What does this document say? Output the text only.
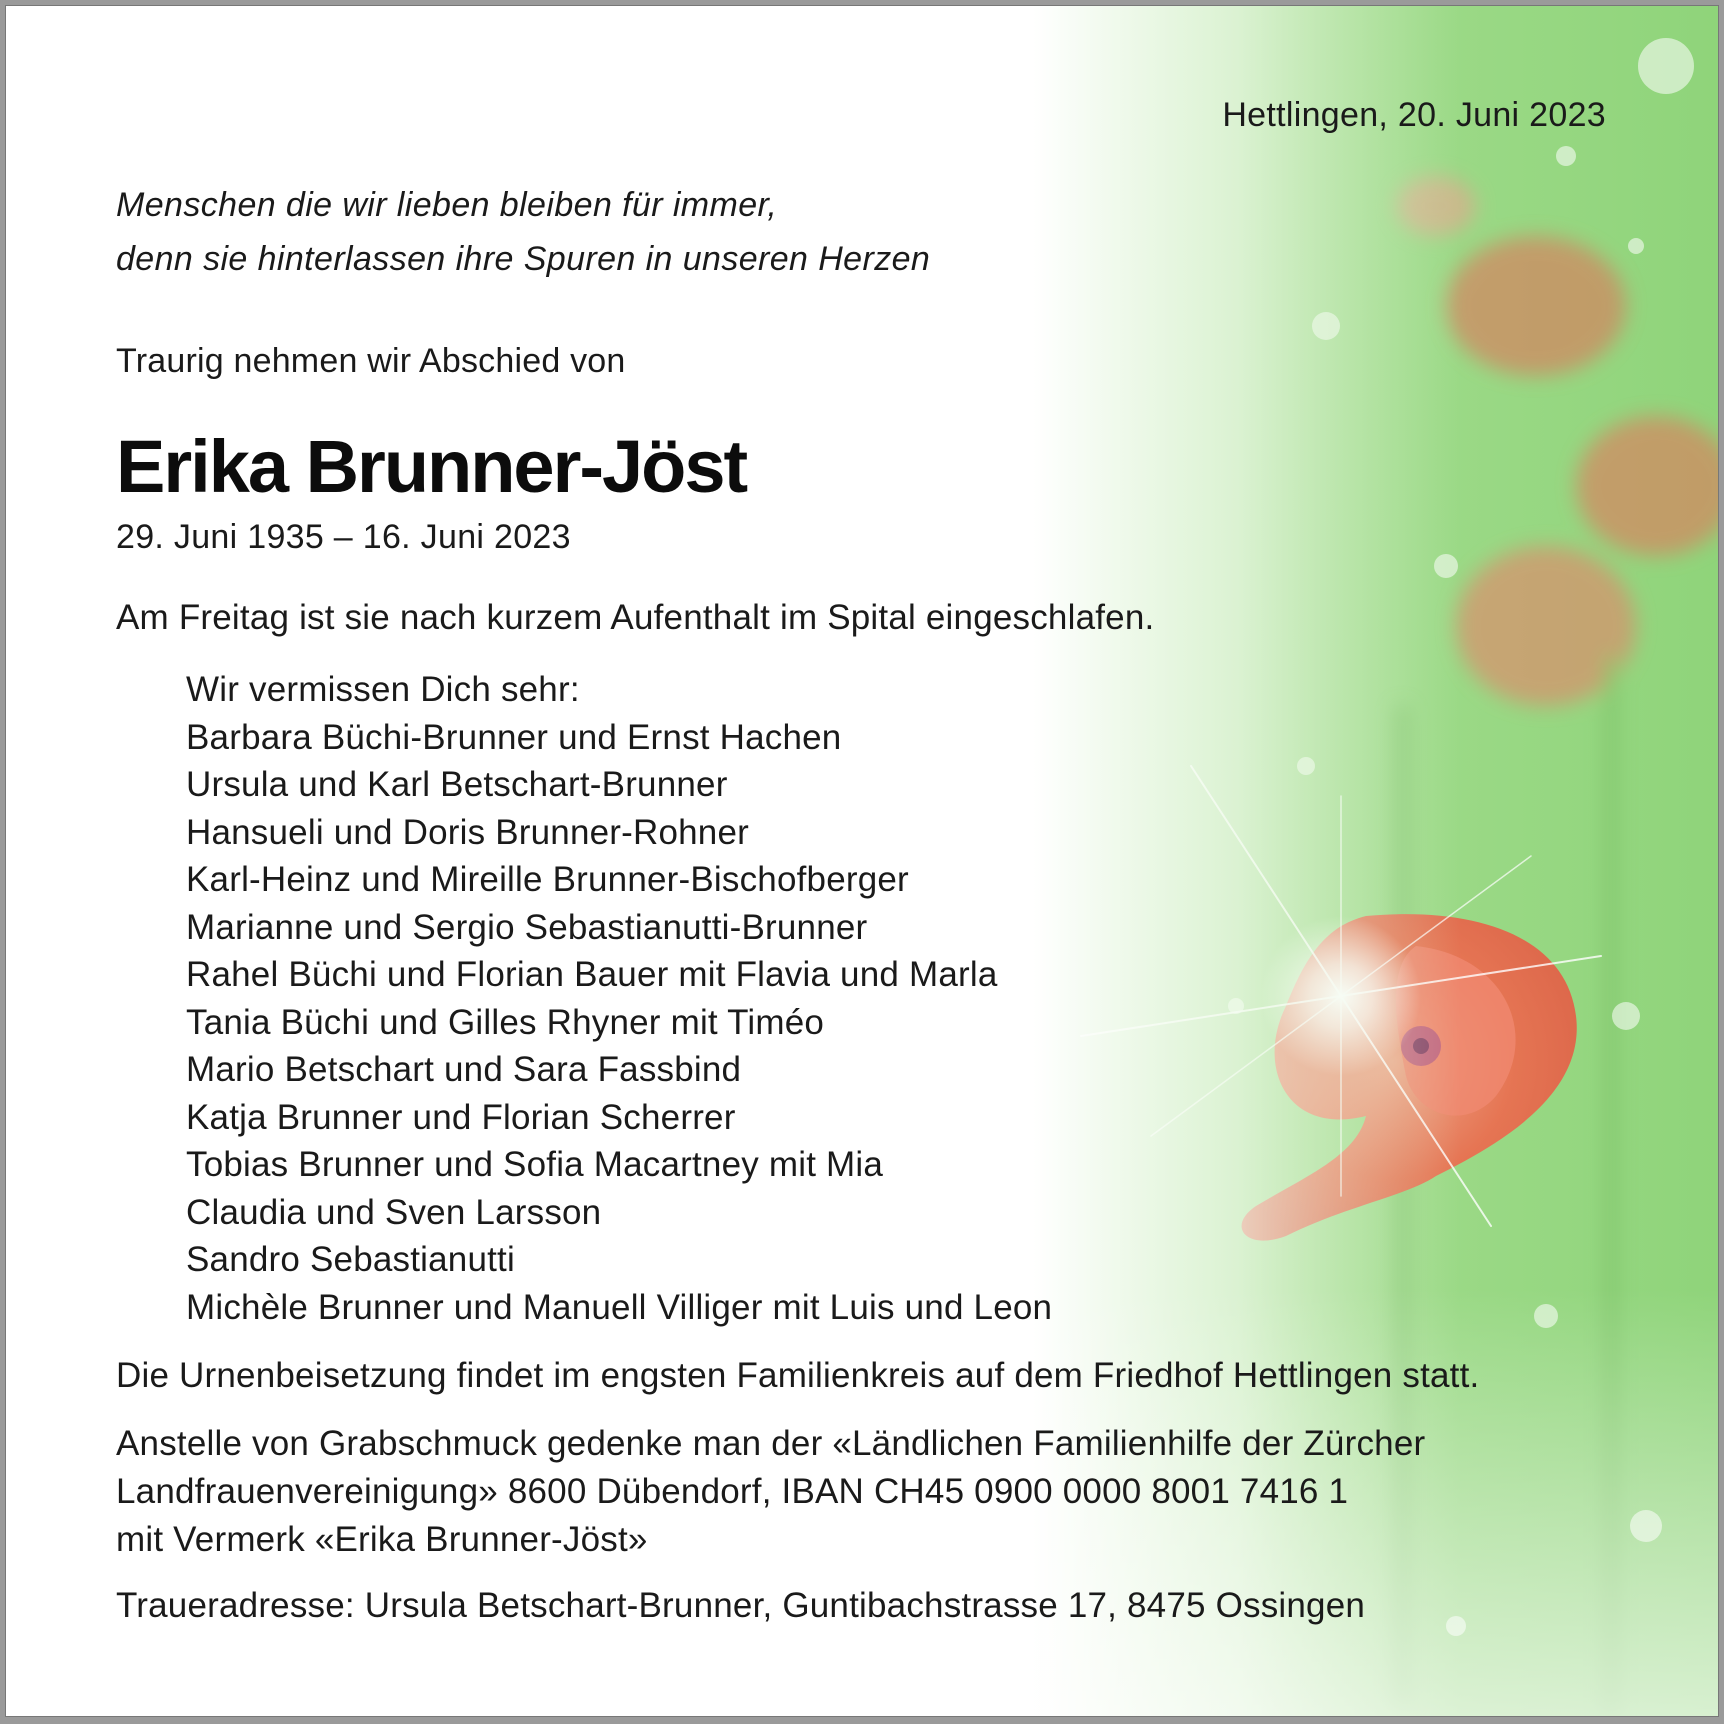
Hettlingen, 20. Juni 2023

Menschen die wir lieben bleiben für immer,
denn sie hinterlassen ihre Spuren in unseren Herzen

Traurig nehmen wir Abschied von

Erika Brunner-Jöst

29. Juni 1935 – 16. Juni 2023

Am Freitag ist sie nach kurzem Aufenthalt im Spital eingeschlafen.

Wir vermissen Dich sehr:
Barbara Büchi-Brunner und Ernst Hachen
Ursula und Karl Betschart-Brunner
Hansueli und Doris Brunner-Rohner
Karl-Heinz und Mireille Brunner-Bischofberger
Marianne und Sergio Sebastianutti-Brunner
Rahel Büchi und Florian Bauer mit Flavia und Marla
Tania Büchi und Gilles Rhyner mit Timéo
Mario Betschart und Sara Fassbind
Katja Brunner und Florian Scherrer
Tobias Brunner und Sofia Macartney mit Mia
Claudia und Sven Larsson
Sandro Sebastianutti
Michèle Brunner und Manuell Villiger mit Luis und Leon

Die Urnenbeisetzung findet im engsten Familienkreis auf dem Friedhof Hettlingen statt.

Anstelle von Grabschmuck gedenke man der «Ländlichen Familienhilfe der Zürcher
Landfrauenvereinigung» 8600 Dübendorf, IBAN CH45 0900 0000 8001 7416 1
mit Vermerk «Erika Brunner-Jöst»

Traueradresse: Ursula Betschart-Brunner, Guntibachstrasse 17, 8475 Ossingen
